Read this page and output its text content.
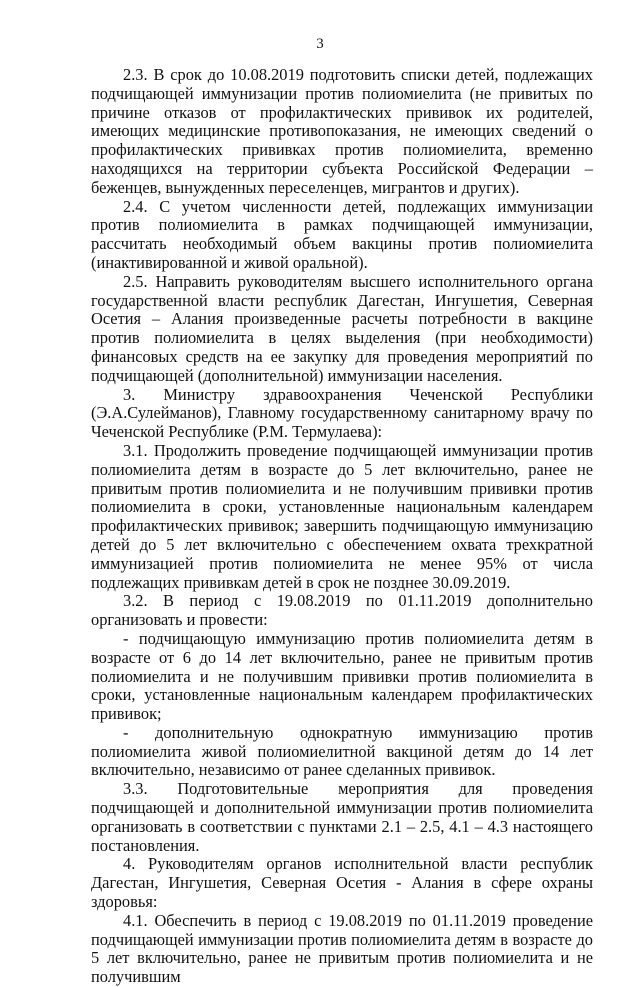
3

2.3. В срок до 10.08.2019 подготовить списки детей, подлежащих подчищающей иммунизации против полиомиелита (не привитых по причине отказов от профилактических прививок их родителей, имеющих медицинские противопоказания, не имеющих сведений о профилактических прививках против полиомиелита, временно находящихся на территории субъекта Российской Федерации – беженцев, вынужденных переселенцев, мигрантов и других).

2.4. С учетом численности детей, подлежащих иммунизации против полиомиелита в рамках подчищающей иммунизации, рассчитать необходимый объем вакцины против полиомиелита (инактивированной и живой оральной).

2.5. Направить руководителям высшего исполнительного органа государственной власти республик Дагестан, Ингушетия, Северная Осетия – Алания произведенные расчеты потребности в вакцине против полиомиелита в целях выделения (при необходимости) финансовых средств на ее закупку для проведения мероприятий по подчищающей (дополнительной) иммунизации населения.

3. Министру здравоохранения Чеченской Республики (Э.А.Сулейманов), Главному государственному санитарному врачу по Чеченской Республике (Р.М. Термулаева):

3.1. Продолжить проведение подчищающей иммунизации против полиомиелита детям в возрасте до 5 лет включительно, ранее не привитым против полиомиелита и не получившим прививки против полиомиелита в сроки, установленные национальным календарем профилактических прививок; завершить подчищающую иммунизацию детей до 5 лет включительно с обеспечением охвата трехкратной иммунизацией против полиомиелита не менее 95% от числа подлежащих прививкам детей в срок не позднее 30.09.2019.

3.2. В период с 19.08.2019 по 01.11.2019 дополнительно организовать и провести:

- подчищающую иммунизацию против полиомиелита детям в возрасте от 6 до 14 лет включительно, ранее не привитым против полиомиелита и не получившим прививки против полиомиелита в сроки, установленные национальным календарем профилактических прививок;

- дополнительную однократную иммунизацию против полиомиелита живой полиомиелитной вакциной детям до 14 лет включительно, независимо от ранее сделанных прививок.

3.3. Подготовительные мероприятия для проведения подчищающей и дополнительной иммунизации против полиомиелита организовать в соответствии с пунктами 2.1 – 2.5, 4.1 – 4.3 настоящего постановления.

4. Руководителям органов исполнительной власти республик Дагестан, Ингушетия, Северная Осетия - Алания в сфере охраны здоровья:

4.1. Обеспечить в период с 19.08.2019 по 01.11.2019 проведение подчищающей иммунизации против полиомиелита детям в возрасте до 5 лет включительно, ранее не привитым против полиомиелита и не получившим
